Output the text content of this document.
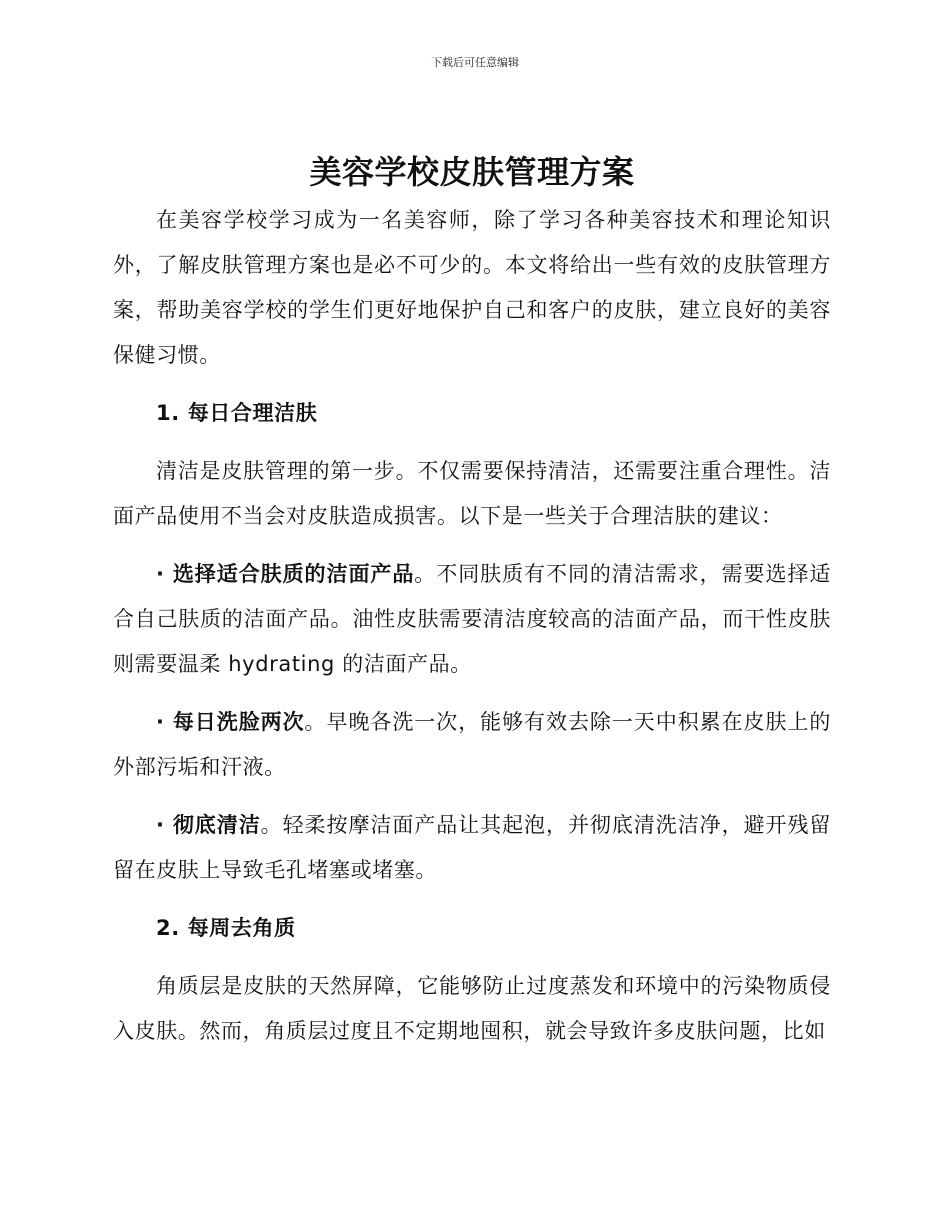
下载后可任意编辑
美容学校皮肤管理方案

在美容学校学习成为一名美容师，除了学习各种美容技术和理论知识外，了解皮肤管理方案也是必不可少的。本文将给出一些有效的皮肤管理方案，帮助美容学校的学生们更好地保护自己和客户的皮肤，建立良好的美容保健习惯。

1. 每日合理洁肤

清洁是皮肤管理的第一步。不仅需要保持清洁，还需要注重合理性。洁面产品使用不当会对皮肤造成损害。以下是一些关于合理洁肤的建议：

· 选择适合肤质的洁面产品。不同肤质有不同的清洁需求，需要选择适合自己肤质的洁面产品。油性皮肤需要清洁度较高的洁面产品，而干性皮肤则需要温柔 hydrating 的洁面产品。

· 每日洗脸两次。早晚各洗一次，能够有效去除一天中积累在皮肤上的外部污垢和汗液。

· 彻底清洁。轻柔按摩洁面产品让其起泡，并彻底清洗洁净，避开残留留在皮肤上导致毛孔堵塞或堵塞。

2. 每周去角质

角质层是皮肤的天然屏障，它能够防止过度蒸发和环境中的污染物质侵入皮肤。然而，角质层过度且不定期地囤积，就会导致许多皮肤问题，比如
